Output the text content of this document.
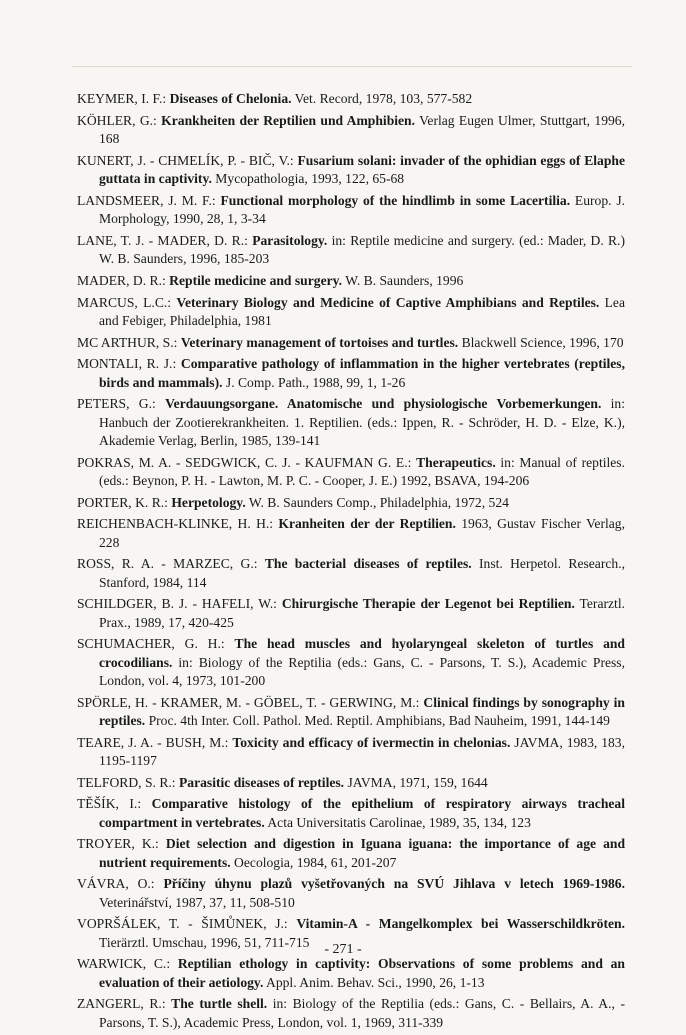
KEYMER, I. F.: Diseases of Chelonia. Vet. Record, 1978, 103, 577-582

KÖHLER, G.: Krankheiten der Reptilien und Amphibien. Verlag Eugen Ulmer, Stuttgart, 1996, 168

KUNERT, J. - CHMELÍK, P. - BIČ, V.: Fusarium solani: invader of the ophidian eggs of Elaphe guttata in captivity. Mycopathologia, 1993, 122, 65-68

LANDSMEER, J. M. F.: Functional morphology of the hindlimb in some Lacertilia. Europ. J. Morphology, 1990, 28, 1, 3-34

LANE, T. J. - MADER, D. R.: Parasitology. in: Reptile medicine and surgery. (ed.: Mader, D. R.) W. B. Saunders, 1996, 185-203

MADER, D. R.: Reptile medicine and surgery. W. B. Saunders, 1996

MARCUS, L.C.: Veterinary Biology and Medicine of Captive Amphibians and Reptiles. Lea and Febiger, Philadelphia, 1981

MC ARTHUR, S.: Veterinary management of tortoises and turtles. Blackwell Science, 1996, 170

MONTALI, R. J.: Comparative pathology of inflammation in the higher vertebrates (reptiles, birds and mammals). J. Comp. Path., 1988, 99, 1, 1-26

PETERS, G.: Verdauungsorgane. Anatomische und physiologische Vorbemerkungen. in: Hanbuch der Zootierekrankheiten. 1. Reptilien. (eds.: Ippen, R. - Schröder, H. D. - Elze, K.), Akademie Verlag, Berlin, 1985, 139-141

POKRAS, M. A. - SEDGWICK, C. J. - KAUFMAN G. E.: Therapeutics. in: Manual of reptiles. (eds.: Beynon, P. H. - Lawton, M. P. C. - Cooper, J. E.) 1992, BSAVA, 194-206

PORTER, K. R.: Herpetology. W. B. Saunders Comp., Philadelphia, 1972, 524

REICHENBACH-KLINKE, H. H.: Kranheiten der der Reptilien. 1963, Gustav Fischer Verlag, 228

ROSS, R. A. - MARZEC, G.: The bacterial diseases of reptiles. Inst. Herpetol. Research., Stanford, 1984, 114

SCHILDGER, B. J. - HAFELI, W.: Chirurgische Therapie der Legenot bei Reptilien. Terarztl. Prax., 1989, 17, 420-425

SCHUMACHER, G. H.: The head muscles and hyolaryngeal skeleton of turtles and crocodilians. in: Biology of the Reptilia (eds.: Gans, C. - Parsons, T. S.), Academic Press, London, vol. 4, 1973, 101-200

SPÖRLE, H. - KRAMER, M. - GÖBEL, T. - GERWING, M.: Clinical findings by sonography in reptiles. Proc. 4th Inter. Coll. Pathol. Med. Reptil. Amphibians, Bad Nauheim, 1991, 144-149

TEARE, J. A. - BUSH, M.: Toxicity and efficacy of ivermectin in chelonias. JAVMA, 1983, 183, 1195-1197

TELFORD, S. R.: Parasitic diseases of reptiles. JAVMA, 1971, 159, 1644

TĚŠÍK, I.: Comparative histology of the epithelium of respiratory airways tracheal compartment in vertebrates. Acta Universitatis Carolinae, 1989, 35, 134, 123

TROYER, K.: Diet selection and digestion in Iguana iguana: the importance of age and nutrient requirements. Oecologia, 1984, 61, 201-207

VÁVRA, O.: Příčiny úhynu plazů vyšetřovaných na SVÚ Jihlava v letech 1969-1986. Veterinářství, 1987, 37, 11, 508-510

VOPRŠÁLEK, T. - ŠIMŮNEK, J.: Vitamin-A - Mangelkomplex bei Wasserschildkröten. Tierärztl. Umschau, 1996, 51, 711-715

WARWICK, C.: Reptilian ethology in captivity: Observations of some problems and an evaluation of their aetiology. Appl. Anim. Behav. Sci., 1990, 26, 1-13

ZANGERL, R.: The turtle shell. in: Biology of the Reptilia (eds.: Gans, C. - Bellairs, A. A., - Parsons, T. S.), Academic Press, London, vol. 1, 1969, 311-339

- 271 -
